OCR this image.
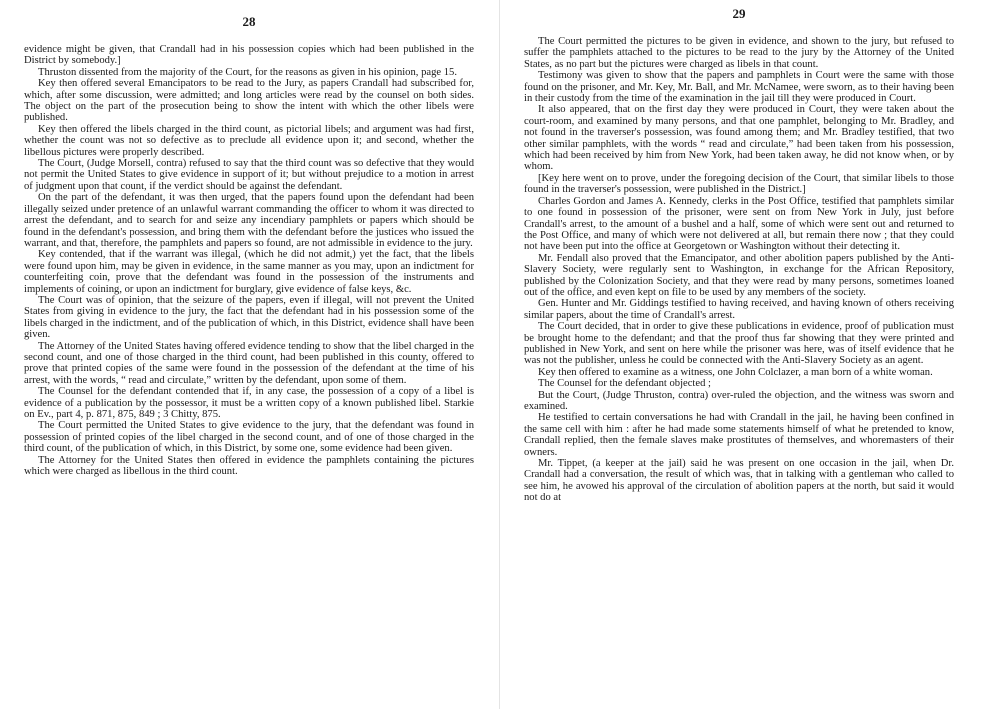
28

evidence might be given, that Crandall had in his possession copies which had been published in the District by somebody.]

Thruston dissented from the majority of the Court, for the reasons as given in his opinion, page 15.

Key then offered several Emancipators to be read to the Jury, as papers Crandall had subscribed for, which, after some discussion, were admitted; and long articles were read by the counsel on both sides. The object on the part of the prosecution being to show the intent with which the other libels were published.

Key then offered the libels charged in the third count, as pictorial libels; and argument was had first, whether the count was not so defective as to preclude all evidence upon it; and second, whether the libellous pictures were properly described.

The Court, (Judge Morsell, contra) refused to say that the third count was so defective that they would not permit the United States to give evidence in support of it; but without prejudice to a motion in arrest of judgment upon that count, if the verdict should be against the defendant.

On the part of the defendant, it was then urged, that the papers found upon the defendant had been illegally seized under pretence of an unlawful warrant commanding the officer to whom it was directed to arrest the defendant, and to search for and seize any incendiary pamphlets or papers which should be found in the defendant's possession, and bring them with the defendant before the justices who issued the warrant, and that, therefore, the pamphlets and papers so found, are not admissible in evidence to the jury.

Key contended, that if the warrant was illegal, (which he did not admit,) yet the fact, that the libels were found upon him, may be given in evidence, in the same manner as you may, upon an indictment for counterfeiting coin, prove that the defendant was found in the possession of the instruments and implements of coining, or upon an indictment for burglary, give evidence of false keys, &c.

The Court was of opinion, that the seizure of the papers, even if illegal, will not prevent the United States from giving in evidence to the jury, the fact that the defendant had in his possession some of the libels charged in the indictment, and of the publication of which, in this District, evidence shall have been given.

The Attorney of the United States having offered evidence tending to show that the libel charged in the second count, and one of those charged in the third count, had been published in this county, offered to prove that printed copies of the same were found in the possession of the defendant at the time of his arrest, with the words, “ read and circulate,” written by the defendant, upon some of them.

The Counsel for the defendant contended that if, in any case, the possession of a copy of a libel is evidence of a publication by the possessor, it must be a written copy of a known published libel. Starkie on Ev., part 4, p. 871, 875, 849 ; 3 Chitty, 875.

The Court permitted the United States to give evidence to the jury, that the defendant was found in possession of printed copies of the libel charged in the second count, and of one of those charged in the third count, of the publication of which, in this District, by some one, some evidence had been given.

The Attorney for the United States then offered in evidence the pamphlets containing the pictures which were charged as libellous in the third count.

29

The Court permitted the pictures to be given in evidence, and shown to the jury, but refused to suffer the pamphlets attached to the pictures to be read to the jury by the Attorney of the United States, as no part but the pictures were charged as libels in that count.

Testimony was given to show that the papers and pamphlets in Court were the same with those found on the prisoner, and Mr. Key, Mr. Ball, and Mr. McNamee, were sworn, as to their having been in their custody from the time of the examination in the jail till they were produced in Court.

It also appeared, that on the first day they were produced in Court, they were taken about the court-room, and examined by many persons, and that one pamphlet, belonging to Mr. Bradley, and not found in the traverser's possession, was found among them; and Mr. Bradley testified, that two other similar pamphlets, with the words “ read and circulate,” had been taken from his possession, which had been received by him from New York, had been taken away, he did not know when, or by whom.

[Key here went on to prove, under the foregoing decision of the Court, that similar libels to those found in the traverser's possession, were published in the District.]

Charles Gordon and James A. Kennedy, clerks in the Post Office, testified that pamphlets similar to one found in possession of the prisoner, were sent on from New York in July, just before Crandall's arrest, to the amount of a bushel and a half, some of which were sent out and returned to the Post Office, and many of which were not delivered at all, but remain there now ; that they could not have been put into the office at Georgetown or Washington without their detecting it.

Mr. Fendall also proved that the Emancipator, and other abolition papers published by the Anti-Slavery Society, were regularly sent to Washington, in exchange for the African Repository, published by the Colonization Society, and that they were read by many persons, sometimes loaned out of the office, and even kept on file to be used by any members of the society.

Gen. Hunter and Mr. Giddings testified to having received, and having known of others receiving similar papers, about the time of Crandall's arrest.

The Court decided, that in order to give these publications in evidence, proof of publication must be brought home to the defendant; and that the proof thus far showing that they were printed and published in New York, and sent on here while the prisoner was here, was of itself evidence that he was not the publisher, unless he could be connected with the Anti-Slavery Society as an agent.

Key then offered to examine as a witness, one John Colclazer, a man born of a white woman.

The Counsel for the defendant objected ;

But the Court, (Judge Thruston, contra) over-ruled the objection, and the witness was sworn and examined.

He testified to certain conversations he had with Crandall in the jail, he having been confined in the same cell with him : after he had made some statements himself of what he pretended to know, Crandall replied, then the female slaves make prostitutes of themselves, and whoremasters of their owners.

Mr. Tippet, (a keeper at the jail) said he was present on one occasion in the jail, when Dr. Crandall had a conversation, the result of which was, that in talking with a gentleman who called to see him, he avowed his approval of the circulation of abolition papers at the north, but said it would not do at
